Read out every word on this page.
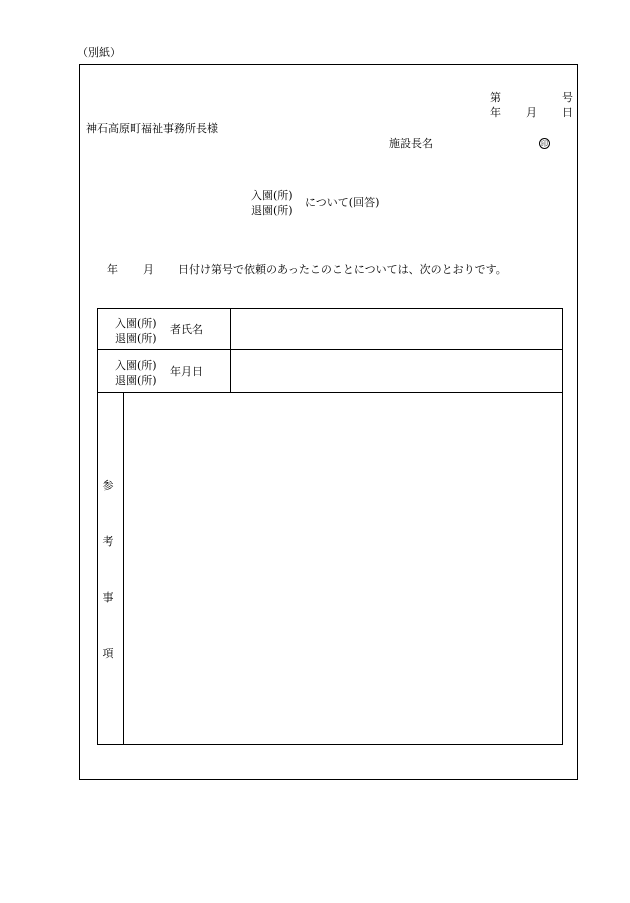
（別紙）
第	号
年 月 日
神石高原町福祉事務所長様
施設長名	印
入園(所)
退園(所)
について(回答)
年 月 日付け第号で依頼のあったこのことについては、次のとおりです。
入園(所)
退園(所)
者氏名
入園(所)
退園(所)
年月日
参
考
事
項
